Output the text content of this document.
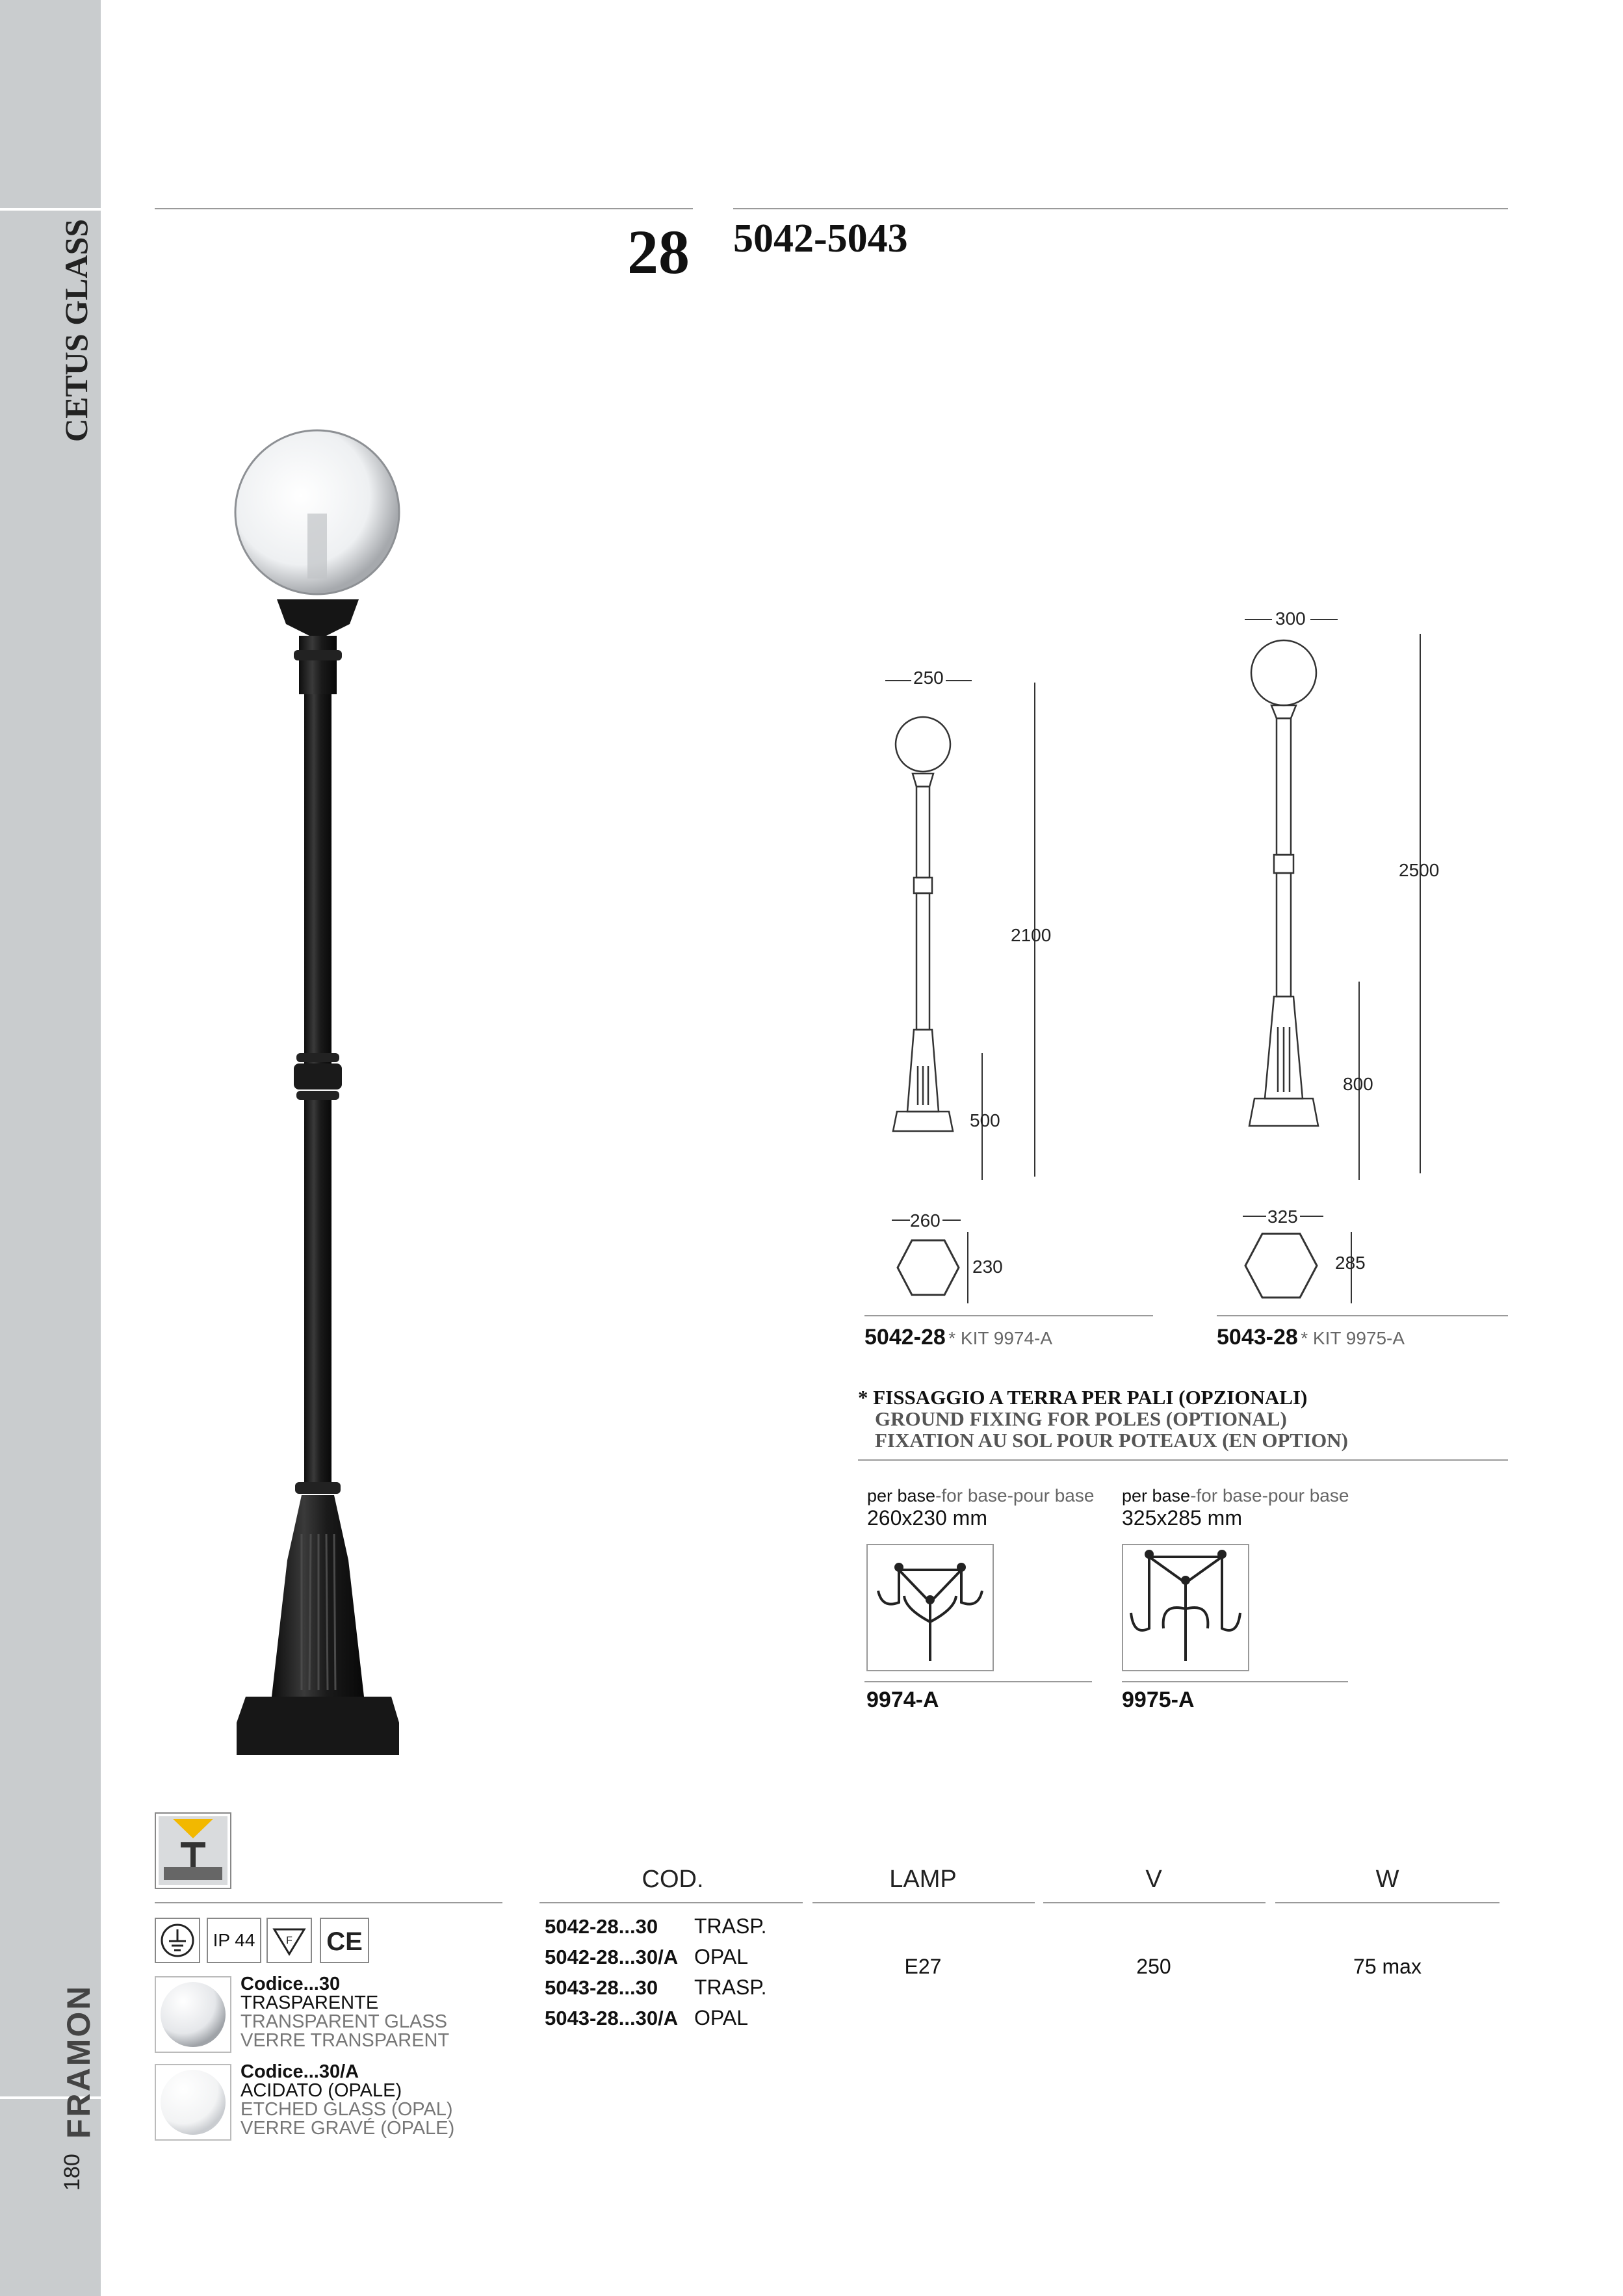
CETUS GLASS
FRAMON
180
28 5042-5043
250
2100
500
260
230
300
2500
800
325
285
5042-28 * KIT 9974-A	5043-28 * KIT 9975-A
* FISSAGGIO A TERRA PER PALI (OPZIONALI)
GROUND FIXING FOR POLES (OPTIONAL)
FIXATION AU SOL POUR POTEAUX (EN OPTION)
per base-for base-pour base
260x230 mm
per base-for base-pour base
325x285 mm
9974-A	9975-A
COD.	LAMP	V	W
5042-28...30 TRASP.
5042-28...30/A OPAL
5043-28...30 TRASP.
5043-28...30/A OPAL
E27	250	75 max
IP 44	F CE
Codice...30
TRASPARENTE
TRANSPARENT GLASS
VERRE TRANSPARENT
Codice...30/A
ACIDATO (OPALE)
ETCHED GLASS (OPAL)
VERRE GRAVÉ (OPALE)
